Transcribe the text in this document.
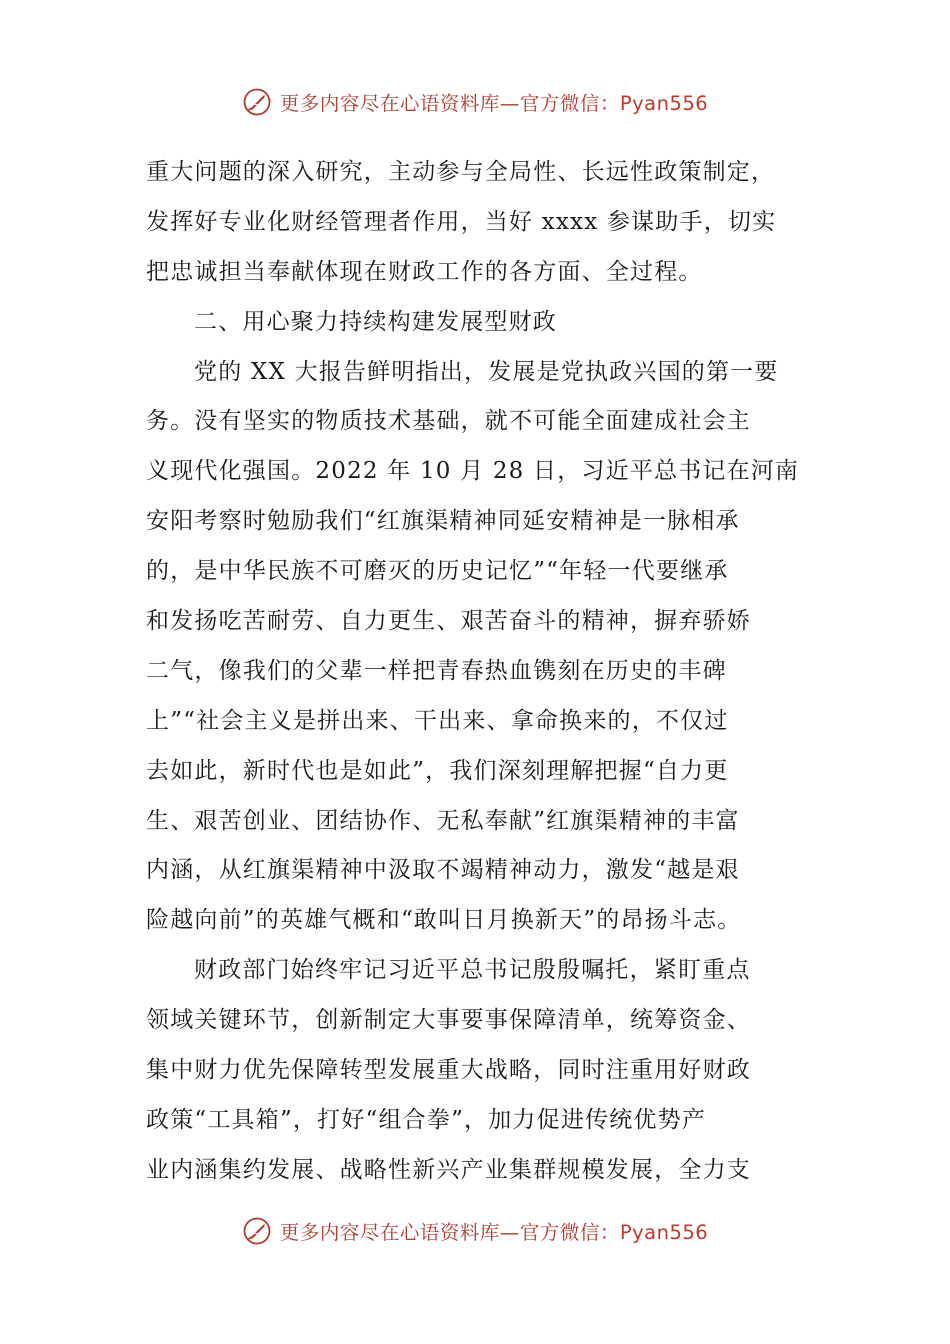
更多内容尽在心语资料库—官方微信：Pyan556
重大问题的深入研究，主动参与全局性、长远性政策制定，
发挥好专业化财经管理者作用，当好 xxxx 参谋助手，切实
把忠诚担当奉献体现在财政工作的各方面、全过程。
二、用心聚力持续构建发展型财政
党的 XX 大报告鲜明指出，发展是党执政兴国的第一要
务。没有坚实的物质技术基础，就不可能全面建成社会主
义现代化强国。2022 年 10 月 28 日，习近平总书记在河南
安阳考察时勉励我们“红旗渠精神同延安精神是一脉相承
的，是中华民族不可磨灭的历史记忆”“年轻一代要继承
和发扬吃苦耐劳、自力更生、艰苦奋斗的精神，摒弃骄娇
二气，像我们的父辈一样把青春热血镌刻在历史的丰碑
上”“社会主义是拼出来、干出来、拿命换来的，不仅过
去如此，新时代也是如此”，我们深刻理解把握“自力更
生、艰苦创业、团结协作、无私奉献”红旗渠精神的丰富
内涵，从红旗渠精神中汲取不竭精神动力，激发“越是艰
险越向前”的英雄气概和“敢叫日月换新天”的昂扬斗志。
财政部门始终牢记习近平总书记殷殷嘱托，紧盯重点
领域关键环节，创新制定大事要事保障清单，统筹资金、
集中财力优先保障转型发展重大战略，同时注重用好财政
政策“工具箱”，打好“组合拳”，加力促进传统优势产
业内涵集约发展、战略性新兴产业集群规模发展，全力支
更多内容尽在心语资料库—官方微信：Pyan556
